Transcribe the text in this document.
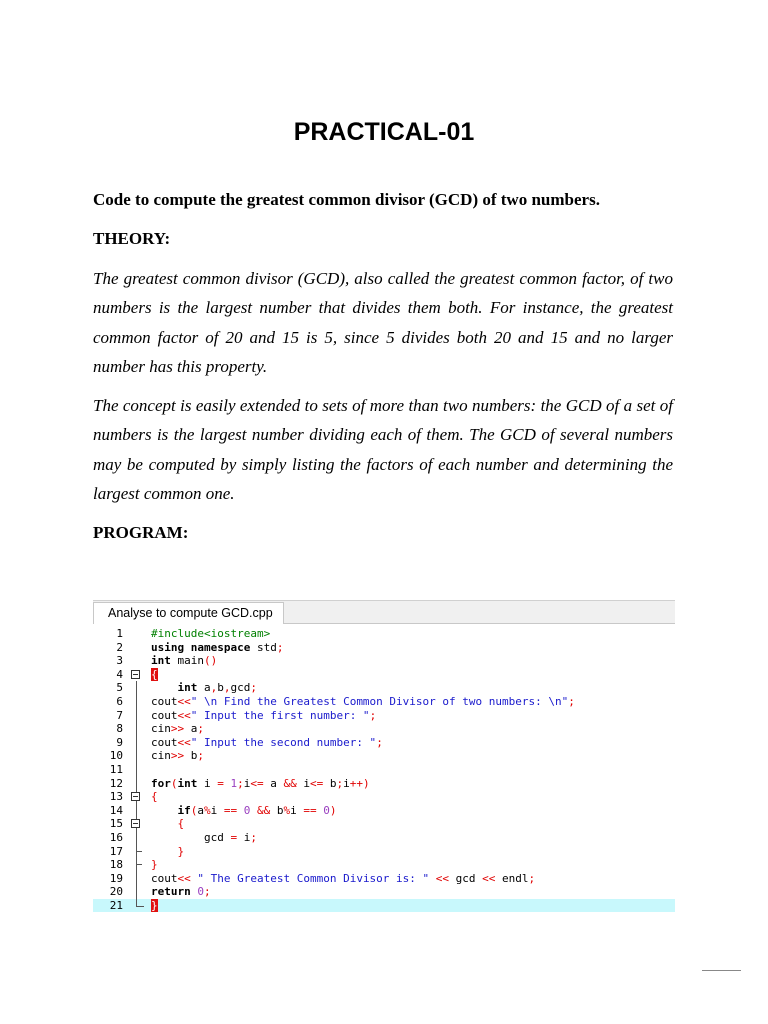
PRACTICAL-01
Code to compute the greatest common divisor (GCD) of two numbers.
THEORY:

The greatest common divisor (GCD), also called the greatest common factor, of two numbers is the largest number that divides them both. For instance, the greatest common factor of 20 and 15 is 5, since 5 divides both 20 and 15 and no larger number has this property.

The concept is easily extended to sets of more than two numbers: the GCD of a set of numbers is the largest number dividing each of them. The GCD of several numbers may be computed by simply listing the factors of each number and determining the largest common one.

PROGRAM:
Analyse to compute GCD.cpp
1	#include<iostream>
2	using namespace std;
3	int main()
4	{
5	int a,b,gcd;
6	cout<<" \n Find the Greatest Common Divisor of two numbers: \n";
7	cout<<" Input the first number: ";
8	cin>> a;
9	cout<<" Input the second number: ";
10	cin>> b;
11
12	for(int i = 1;i<= a && i<= b;i++)
13	{
14	if(a%i == 0 && b%i == 0)
15	{
16	gcd = i;
17	}
18	}
19	cout<< " The Greatest Common Divisor is: " << gcd << endl;
20	return 0;
21	}
